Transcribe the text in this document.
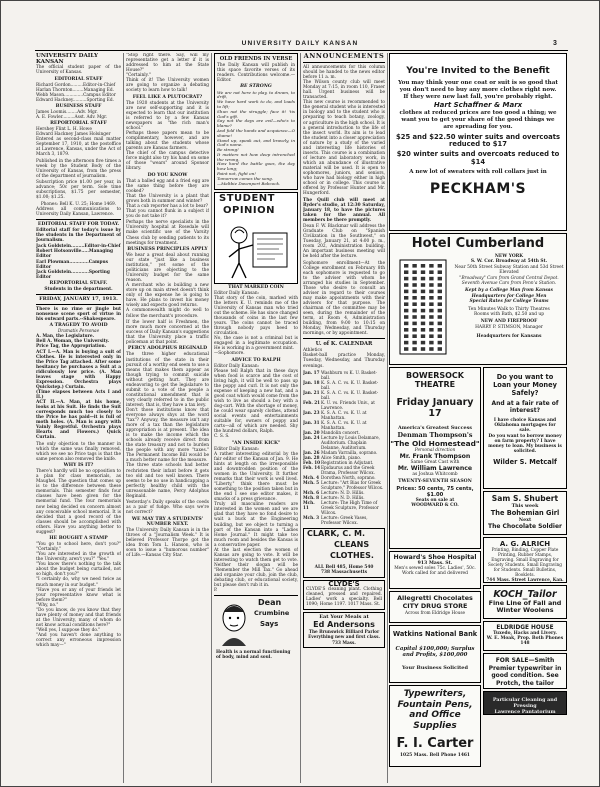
UNIVERSITY DAILY KANSAN	3
UNIVERSITY DAILY KANSAN

The official student paper of the University of Kansas.

EDITORIAL STAFF
Richard Gordon.........Editor-in-Chief
Harlan Thornton........Managing Ed.
Webb Mason..............Campus Editor
Edward Hackney..........Sporting Ed.
BUSINESS STAFF
James Loomis........Adv. Mgr.
A. E. Fowler.........Asst. Adv. Mgr.
REPORTORIAL STAFF
Hershey Flint L. H. Howe
Edward Hackney James Holsinger

Entered as second-class mail matter September 17, 1910, at the postoffice at Lawrence, Kansas, under the Act of March 3, 1879.

Published in the afternoon five times a week by the Student Body of the University of Kansas, from the press of the department of journalism.

Subscription price $1.00 per year, in advance; 50c per term. Sole time subscriptions, $1.75 per semester, $1.00; $1.25.

Phones: Bell K. U. 25; Home 1469.

Address all communications to University Daily Kansan, Lawrence.

EDITORIAL STAFF FOR TODAY.

Editorial staff for today's issue by the students in the Department of Journalism.

Jack Goldstein.........Editor-in-Chief
Robert Hotsonville.....Managing Editor
Earl Plowman.............Campus Editor
Jack Goldstein............Sporting Editor
REPORTORIAL STAFF.
Students in the department.
FRIDAY, JANUARY 17, 1913.

There is no rime or jingle but nonsense scene sport of virtue in his outward parts.--Shakespeare.

A TRAGEDY TO AVOID
Dramatis Personae

A. Man, the Legislature.
Bell A. Woman, the University.
Price Tag, the Appropriation.
ACT I.—A. Man is buying a suit of Clothes. He is interested only in the Price Tag attached. After some hesitancy he purchases a Suit at a ridiculously low price. (A. Man leaves stage with Happy Expression. Orchestra plays Quickstep.) Curtain.
(Time elapses between Acts I and II.)
ACT II.—A. Man, at his home, looks at his Suit. He finds the Suit corresponds much too closely to the Price he has paid—it is full of moth holes. (A. Man is angry with Vainly Regretful. Orchestra plays Hearts and Flowers.) Quick Curtain.

The only objection to the manner in which the same was finally removed, which we see no Price tags is that the same person also removed the knife.

WHY IS IT?

There's hardly will be no opposition to a plan for class memorials, as Maughel. The question that comes up is to the difference between these memorials. This semester finds four classes have been given for the memorial fund. The four memorials now being decided on concern almost any conceivable school memorial. It is decided that a good record of the classes should be accomplished with others. Have you anything better to suggest?

HE BOUGHT A STAMP

"You go to school here, don't you?" "Certainly."
"You are interested in the growth of the University, aren't you?" "Yes."
"You know there's nothing to the talk about the budget being curtailed, not so high, don't you?"
"I certainly do, why we need twice as much money in our budget."
"Have you or any of your friends let your representative know what is before them?"
"Why, no."
"Do you know, do you know that they have plenty of money and that friends at the University, many of whom do not know actual conditions here?"
"Well yes, I suppose they do."
"And you haven't done anything to correct any erroneous impression which may—"

"Stop right there. Say, will my representative get a letter if it is addressed to him at the State House?"
"Certainly."
Think of it! The University women are going to organize a debating society to learn how to talk!

FEEL LIKE A PLUTOCRAT?

The 1920 students at the University are now self-supporting and it is expected to learn that our institution is referred to by a few Kansas newspapers as "the rich man's school."
Perhaps these papers mean to be complimentary, however, and are talking about the students whose parents are Kansas farmers.
The chief of the campus detective force might also try his hand on some of those "wears" around Sponsor library.

DO YOU KNOW

That a balled egg and a fried egg are the same thing before they are cooked?
That the University is a plant that grows both in summer and winter?
That a cub reporter has a lot to bear?
That you cannot flunk in a subject if you do not take it?

Perhaps the nerve specialists in the University hospital at Rosedale will make scientific use of the Varsity Chess club by sending patients to its meetings for treatment.

BUSINESS PRINCIPLES APPLY

We hear a great deal about running our state "just like a business institution," yet some of the politicians are objecting to the University budget for the same reason.
A merchant who is building a new store up on main street doesn't think only of the expense he is going to have. He plans to invest his money wisely and expects good returns.
A commonwealth might do well to follow the merchant's procedure.

If the lower half is Freshmen, the more much more concerned at the success of Daily Kansan's suggestions that the University place a traffic policeman at that point.

PERCY ADOLPHUS REGINALD

The three higher educational institutions of the state in their pursuit of a worthy end seem to use a means that makes them appear as though trying to commit suicide without getting hurt. They are endeavoring to get the legislature to submit to a vote of the people a constitutional amendment that is very clearly referred to in the public interest; that is, they have a tax levy.
Don't those institutions know that everyone always shys at the word "tax"? Anyway, the measure isn't any more of a tax than the legislature appropriation is at present. The idea is to make the income which the schools already receive direct from the state treasury and not to burden the people with any more "taxes." The Permanent Income Bill would be a much better name for the measure.
The three state schools had better rechristen their infant before it gets too old and too well known. There seems to be no use in handicapping a perfectly healthy child with the unreasonable name, Percy Adolphus Reginald.

Yesterday's Daily speaks of the coeds as a pair of fudge. Who says we're not correct?

WE MAY TRY A STUDENTS' NUMBER NEXT.

The University Daily Kansan is in the throes of a "Journalism Week." It is believed Professor Thorpe got the idea from Tom L. Hanson, who is soon to issue a "humorous number" of Life.—Kansas City Star.

OLD FRIENDS IN VERSE

The Daily Kansan will publish in this space favorite verses of its readers. Contributions welcome.—Editor.

BE STRONG

We are not here to play, to dream, to drift,
We have hard work to do, and loads to lift;
Shun not the struggle; face it! 'tis God's gift.
Say not the days are evil—who's to blame?
And fold the hands and acquiesce—O shame!
Stand up, speak out, and bravely, in God's name.
Be strong!
It matters not how deep intrenched the wrong,
How hard the battle goes, the day how long;
Faint not, fight on!
Tomorrow comes the song.
—Maltbie Davenport Babcock.

STUDENT
OPINION
THAT MARKED COIN

Editor Daily Kansan:
That story of the coin, marked with the letters K. U. reminds me of the University of Kansas man who tried out the scheme. He has since changed thousands of coins in the last few years. The coins cannot be traced through nobody pays heed to circulation.
No, the case is not a criminal but is engaged in a legitimate occupation. He is working in a government mint.
—Sophomore.

ADVICE TO RALPH

Editor Daily Kansan:
Please tell Ralph that in these days when food is scarce and the cost of living high, it will be well to pass up the poppy and curl. It is not only the expense of keeping a new hat, and a good coat which would come from the wish to live as should a boy with a dog-cart. With the shortage of money, he could wear sparely clothes, attend social events and entertainments suitable for, owners of poppy and carts—all of which are needed. Shy the hundred dollars, Ralph.
C. S. S.

"AN INSIDE KICK"

Editor Daily Kansan:
A rather interesting editorial by the fair editor of the Kansan of Jan. 9. He hints at length on the irresponsible and downtrodden position of the women in the University. It further remarks that their work is well lived. "Liberty," think there must be something to the position taken but in the end I see one editor makes, it smacks of a press grievance.
Truly all masculine readers are interested in the women and we are glad that they have no fond desire to wait a buck at the Engineering building, but we object to turning a part of the Kansan into a "Ladies Home Journal." It might take too much room and besides the Kansas is a conservative paper.
At the last election the women of Kansas are going to vote. It will be interesting to watch them get to vote. Neither their slogan will be "Remember the Mill Tax." Go ahead and organize your club, join the club, debating club, or educational society, but please don't rub it in.
P.

Dean
Crumbine
Says
Health is a normal functioning of body, mind and soul.
ANNOUNCEMENTS

All announcements for this column should be handed to the news editor before 11 a. m.
The Wilson county club will meet Monday at 7:15, in room 110, Fraser hall. Urgent business will be transacted.
This new course is recommended to the general student who is interested in biology and to the student who is preparing to teach botany, zoology, or agriculture in the high school. It is a general introduction to the life of the insect world. Its aim is to lead the student into a closer appreciation of nature by a study of the varied and interesting life histories of insects. This course is a combination of lecture and laboratory work, in which an abundance of illustrative material will be used. It is open to sophomores, juniors, and seniors, who have had biology either in high school or in college. This course is offered by Professor Hunter and Mr. Hungerford.

The Quill club will meet at Ryder's studio, at 12:30 Saturday, January 18, to have the pictures taken for the annual. All members be there promptly.

Dean F. W. Blackmar will address the Graduate Club on "Spanish Civilization in the Southwest," on Tuesday, January 21, at 4:00 p. m., room 202, Administration building. An important business meeting will be held after the lecture.

Sophomore enrollment—At the College enrollment on February 8th each sophomore is requested to go to the adviser with whom he arranged his studies in September. Those who desire to consult an adviser in regard to their courses may make appointments with their advisers for that purpose. The chairman of the committee may be seen, during the remainder of the term, at Room 4, Administration building, from 9:00 to 10:15 on Monday, Wednesday, and Thursday mornings, or by appointment.

U. of K. CALENDAR

Athletics
Basket-ball practice Monday, Tuesday, Wednesday, and Thursday evenings.

Jan. 17 Washburn vs K. U. Basket-ball.
Jan. 18 K. S. A. C. vs. K. U. Basket-ball.
Jan. 21 K. S. A. C. vs. K. U. Basket-ball.
Feb. 21 K. U. vs. Friends Univ., at Lawrence.
Jan. 23 K. S. A. C. vs. K. U. at Manhattan.
Jan. 31 K. S. A. C. vs. K. U. at Manhattan.
Jan. 20 Mandolin concert.
Jan. 24 Lecture by Louis Delamare, Auditorium. Chaplain Delanne, Auditorium.
Jan. 26 Madam Varrailla, soprano.
Jan. 28 Alice Smith, piano.
Feb. 10 Registration in Adjutant.
Feb. 14 Epidaurus and the Greek Drama, Professor Wilcox.
Mch. 4 Dorothea North, soprano.
Mch. 5 Lecture: "Art Bias for Greek Sculpture," Professor Wilcox.
Mch. 6 Lecture: N. D. Hillis.
Mch. 8 Lecture: N. D. Hillis.
Mch. 11
Lecture: The High Time of Greek Sculpture, Professor Wilcox.
Mch. 3 Lecture: Greek Vases, Professor Wilcox.
CLARK, C. M.
CLEANS
CLOTHES.
ALL Bell 485, Home 540
738 Massachusetts
CLYDE'S

CLYDE'S cleaning plant. Clothing cleaned, pressed and repaired. Ladies' work a specialty. Bell 1090; Home 1197. 1017 Mass. St.

Eat Your Meals at
Ed Andersons
The Brunswick Billiard Parlor
Everything new and first class.
733 Mass.
You're Invited to the Benefit

You may think your one coat or suit is so good that you don't need to buy any more clothes right now. If they were new last fall, you're probably right.

Hart Schaffner & Marx

clothes at reduced prices are too good a thing; we want you to get your share of the good things we are spreading for you.

$25 and $22.50 winter suits and overcoats reduced to $17
$20 winter suits and overcoats reduced to $14
A new lot of sweaters with roll collars just in
PECKHAM'S
Hotel Cumberland
NEW YORK
S. W. Cor. Broadway at 54th St.
Near 50th Street Subway Station and 53d Street Elevated
"Broadway" Cars from Grand Central Depot. Seventh Avenue Cars from Penn'a Station.
Kept by a College Man from Kansas
Headquarters for College Men
Special Rates for College Teams
Ten Minutes Walk to Thirty Theatres
Rooms with Bath, $2.50 and up
NEW AND FIREPROOF
HARRY P. STIMSON, Manager
Headquarters for Kansans
BOWERSOCK THEATRE
Friday January 17
America's Greatest Success
Denman Thompson's
"The Old Homestead"
Personal direction
Mr. Frank Thompson
Same Great Cast with
Mr. William Lawrence
as Joshua Whitcomb
TWENTY-SEVENTH SEASON
Prices: 50 cents, 75 cents, $1.00
Seats on sale at
WOODWARD & CO.
Howard's Shoe Hospital
913 Mass. St.
Men's sewed soles 75c. Ladies', 50c.
Work called for and delivered
Allegretti Chocolates
CITY DRUG STORE
Across from Eldridge House
Watkins National Bank
Capital $100,000; Surplus and Profits, $100,000
Your Business Solicited
Typewriters, Fountain Pens, and Office Supplies
F. I. Carter
1025 Mass. Bell Phone 1461
Do you want to Loan your Money Safely?
And at a fair rate of interest?

I have choice Kansas and Oklahoma mortgages for sale.
Do you want to borrow money on farm property? I have money to loan. My business is solicited.

Wilder S. Metcalf
Sam S. Shubert
This week
The Bohemian Girl
Next
The Chocolate Soldier
A. G. ALRICH

Printing, Binding, Copper Plate Printing, Rubber Stamps, Engraving. Small Engraving for Society Students. Small Engraving for Students. Small Bulletins, Booklets.

744 Mass. Street Lawrence, Kan.
KOCH_Tailor
Fine Line of Fall and Winter Woolens
ELDRIDGE HOUSE
Tuxedo, Hacks and Livery.
W. E. Moak, Prop. Both Phones 148

FOR SALE—Smith Premier typewriter in good condition. See Protch, the tailor

Particular Cleaning and Pressing
Lawrence Pantatorium
